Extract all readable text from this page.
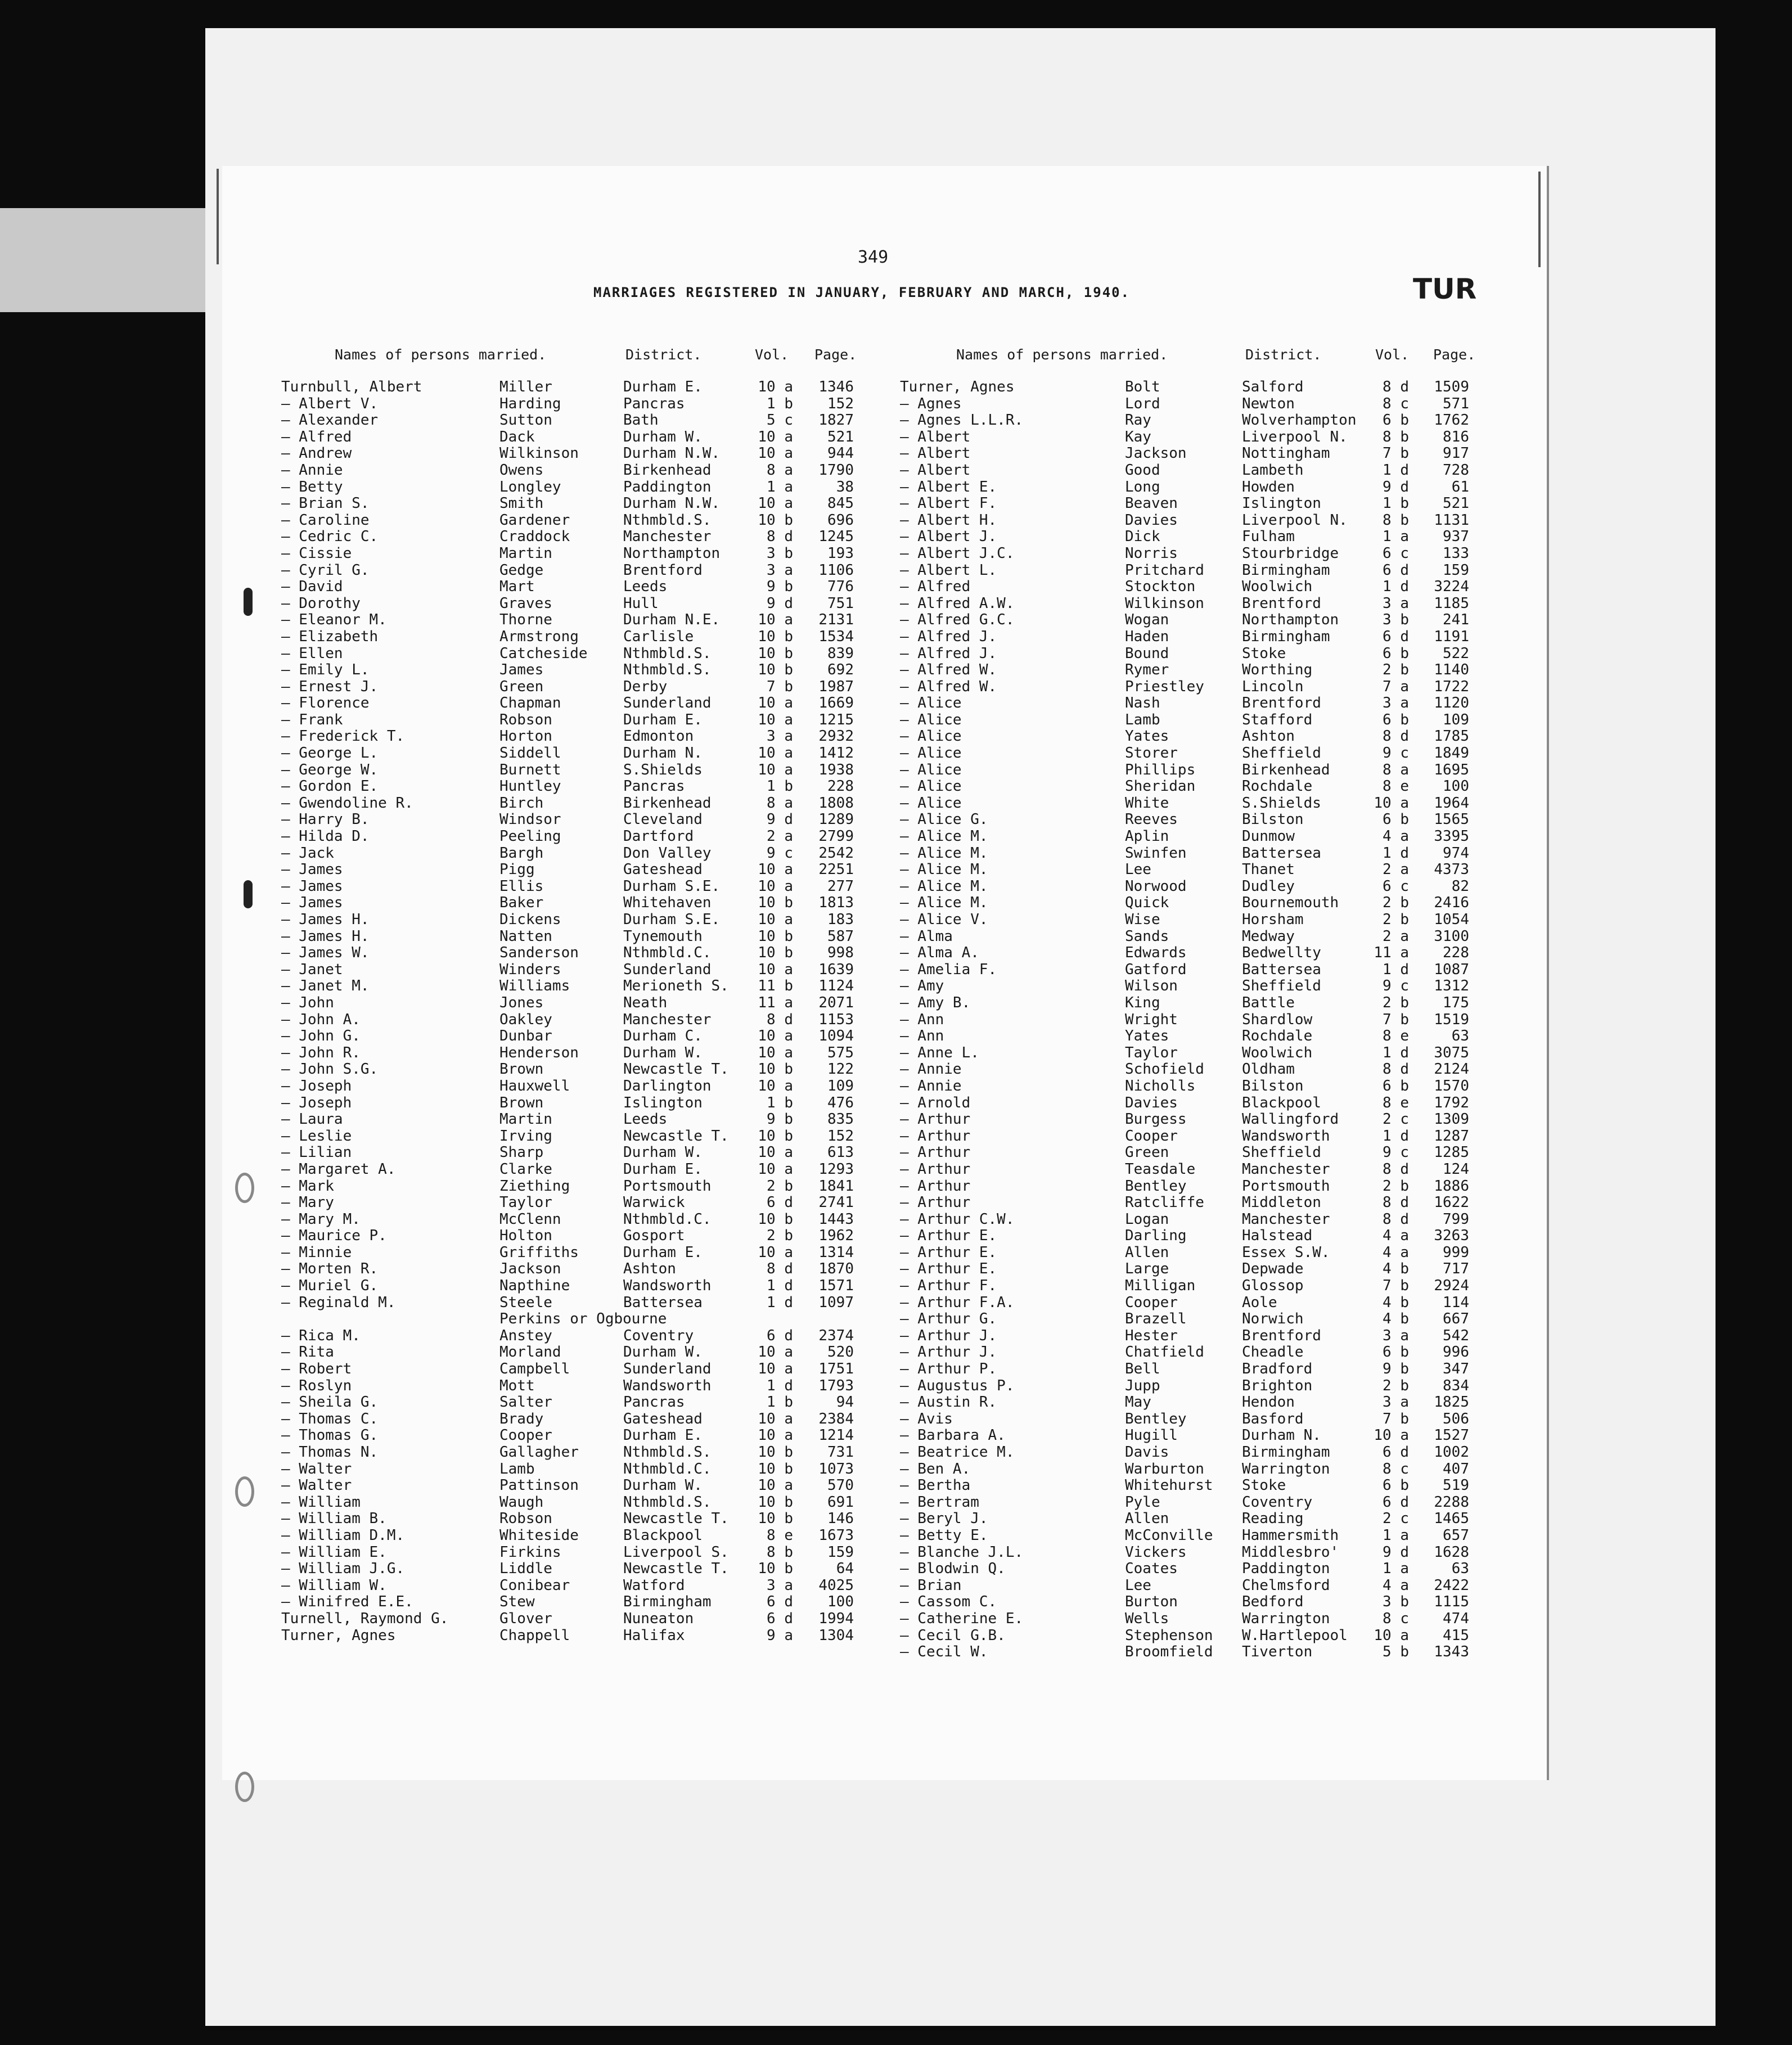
349
MARRIAGES REGISTERED IN JANUARY, FEBRUARY AND MARCH, 1940.	TUR
Names of persons married.	District.	Vol. Page.	Names of persons married.	District.	Vol. Page.
Turnbull, Albert	Miller	Durham E.	10 a	1346
— Albert V.	Harding	Pancras	1 b	152
— Alexander	Sutton	Bath	5 c	1827
— Alfred	Dack	Durham W.	10 a	521
— Andrew	Wilkinson	Durham N.W.	10 a	944
— Annie	Owens	Birkenhead	8 a	1790
— Betty	Longley	Paddington	1 a	38
— Brian S.	Smith	Durham N.W.	10 a	845
— Caroline	Gardener	Nthmbld.S.	10 b	696
— Cedric C.	Craddock	Manchester	8 d	1245
— Cissie	Martin	Northampton	3 b	193
— Cyril G.	Gedge	Brentford	3 a	1106
— David	Mart	Leeds	9 b	776
— Dorothy	Graves	Hull	9 d	751
— Eleanor M.	Thorne	Durham N.E.	10 a	2131
— Elizabeth	Armstrong	Carlisle	10 b	1534
— Ellen	Catcheside Nthmbld.S.	10 b	839
— Emily L.	James	Nthmbld.S.	10 b	692
— Ernest J.	Green	Derby	7 b	1987
— Florence	Chapman	Sunderland	10 a	1669
— Frank	Robson	Durham E.	10 a	1215
— Frederick T.	Horton	Edmonton	3 a	2932
— George L.	Siddell	Durham N.	10 a	1412
— George W.	Burnett	S.Shields	10 a	1938
— Gordon E.	Huntley	Pancras	1 b	228
— Gwendoline R.	Birch	Birkenhead	8 a	1808
— Harry B.	Windsor	Cleveland	9 d	1289
— Hilda D.	Peeling	Dartford	2 a	2799
— Jack	Bargh	Don Valley	9 c	2542
— James	Pigg	Gateshead	10 a	2251
— James	Ellis	Durham S.E.	10 a	277
— James	Baker	Whitehaven	10 b	1813
— James H.	Dickens	Durham S.E.	10 a	183
— James H.	Natten	Tynemouth	10 b	587
— James W.	Sanderson	Nthmbld.C.	10 b	998
— Janet	Winders	Sunderland	10 a	1639
— Janet M.	Williams	Merioneth S.	11 b	1124
— John	Jones	Neath	11 a	2071
— John A.	Oakley	Manchester	8 d	1153
— John G.	Dunbar	Durham C.	10 a	1094
— John R.	Henderson	Durham W.	10 a	575
— John S.G.	Brown	Newcastle T.	10 b	122
— Joseph	Hauxwell	Darlington	10 a	109
— Joseph	Brown	Islington	1 b	476
— Laura	Martin	Leeds	9 b	835
— Leslie	Irving	Newcastle T.	10 b	152
— Lilian	Sharp	Durham W.	10 a	613
— Margaret A.	Clarke	Durham E.	10 a	1293
— Mark	Ziething	Portsmouth	2 b	1841
— Mary	Taylor	Warwick	6 d	2741
— Mary M.	McClenn	Nthmbld.C.	10 b	1443
— Maurice P.	Holton	Gosport	2 b	1962
— Minnie	Griffiths	Durham E.	10 a	1314
— Morten R.	Jackson	Ashton	8 d	1870
— Muriel G.	Napthine	Wandsworth	1 d	1571
— Reginald M.	Steele	Battersea	1 d	1097
Perkins or Ogbourne
— Rica M.	Anstey	Coventry	6 d	2374
— Rita	Morland	Durham W.	10 a	520
— Robert	Campbell	Sunderland	10 a	1751
— Roslyn	Mott	Wandsworth	1 d	1793
— Sheila G.	Salter	Pancras	1 b	94
— Thomas C.	Brady	Gateshead	10 a	2384
— Thomas G.	Cooper	Durham E.	10 a	1214
— Thomas N.	Gallagher	Nthmbld.S.	10 b	731
— Walter	Lamb	Nthmbld.C.	10 b	1073
— Walter	Pattinson	Durham W.	10 a	570
— William	Waugh	Nthmbld.S.	10 b	691
— William B.	Robson	Newcastle T.	10 b	146
— William D.M.	Whiteside	Blackpool	8 e	1673
— William E.	Firkins	Liverpool S.	8 b	159
— William J.G.	Liddle	Newcastle T.	10 b	64
— William W.	Conibear	Watford	3 a	4025
— Winifred E.E.	Stew	Birmingham	6 d	100
Turnell, Raymond G.	Glover	Nuneaton	6 d	1994
Turner, Agnes	Chappell	Halifax	9 a	1304
Turner, Agnes	Bolt	Salford	8 d	1509
— Agnes	Lord	Newton	8 c	571
— Agnes L.L.R.	Ray	Wolverhampton	6 b	1762
— Albert	Kay	Liverpool N.	8 b	816
— Albert	Jackson	Nottingham	7 b	917
— Albert	Good	Lambeth	1 d	728
— Albert E.	Long	Howden	9 d	61
— Albert F.	Beaven	Islington	1 b	521
— Albert H.	Davies	Liverpool N.	8 b	1131
— Albert J.	Dick	Fulham	1 a	937
— Albert J.C.	Norris	Stourbridge	6 c	133
— Albert L.	Pritchard	Birmingham	6 d	159
— Alfred	Stockton	Woolwich	1 d	3224
— Alfred A.W.	Wilkinson	Brentford	3 a	1185
— Alfred G.C.	Wogan	Northampton	3 b	241
— Alfred J.	Haden	Birmingham	6 d	1191
— Alfred J.	Bound	Stoke	6 b	522
— Alfred W.	Rymer	Worthing	2 b	1140
— Alfred W.	Priestley	Lincoln	7 a	1722
— Alice	Nash	Brentford	3 a	1120
— Alice	Lamb	Stafford	6 b	109
— Alice	Yates	Ashton	8 d	1785
— Alice	Storer	Sheffield	9 c	1849
— Alice	Phillips	Birkenhead	8 a	1695
— Alice	Sheridan	Rochdale	8 e	100
— Alice	White	S.Shields	10 a	1964
— Alice G.	Reeves	Bilston	6 b	1565
— Alice M.	Aplin	Dunmow	4 a	3395
— Alice M.	Swinfen	Battersea	1 d	974
— Alice M.	Lee	Thanet	2 a	4373
— Alice M.	Norwood	Dudley	6 c	82
— Alice M.	Quick	Bournemouth	2 b	2416
— Alice V.	Wise	Horsham	2 b	1054
— Alma	Sands	Medway	2 a	3100
— Alma A.	Edwards	Bedwellty	11 a	228
— Amelia F.	Gatford	Battersea	1 d	1087
— Amy	Wilson	Sheffield	9 c	1312
— Amy B.	King	Battle	2 b	175
— Ann	Wright	Shardlow	7 b	1519
— Ann	Yates	Rochdale	8 e	63
— Anne L.	Taylor	Woolwich	1 d	3075
— Annie	Schofield	Oldham	8 d	2124
— Annie	Nicholls	Bilston	6 b	1570
— Arnold	Davies	Blackpool	8 e	1792
— Arthur	Burgess	Wallingford	2 c	1309
— Arthur	Cooper	Wandsworth	1 d	1287
— Arthur	Green	Sheffield	9 c	1285
— Arthur	Teasdale	Manchester	8 d	124
— Arthur	Bentley	Portsmouth	2 b	1886
— Arthur	Ratcliffe	Middleton	8 d	1622
— Arthur C.W.	Logan	Manchester	8 d	799
— Arthur E.	Darling	Halstead	4 a	3263
— Arthur E.	Allen	Essex S.W.	4 a	999
— Arthur E.	Large	Depwade	4 b	717
— Arthur F.	Milligan	Glossop	7 b	2924
— Arthur F.A.	Cooper	Aole	4 b	114
— Arthur G.	Brazell	Norwich	4 b	667
— Arthur J.	Hester	Brentford	3 a	542
— Arthur J.	Chatfield	Cheadle	6 b	996
— Arthur P.	Bell	Bradford	9 b	347
— Augustus P.	Jupp	Brighton	2 b	834
— Austin R.	May	Hendon	3 a	1825
— Avis	Bentley	Basford	7 b	506
— Barbara A.	Hugill	Durham N.	10 a	1527
— Beatrice M.	Davis	Birmingham	6 d	1002
— Ben A.	Warburton	Warrington	8 c	407
— Bertha	Whitehurst Stoke	6 b	519
— Bertram	Pyle	Coventry	6 d	2288
— Beryl J.	Allen	Reading	2 c	1465
— Betty E.	McConville Hammersmith	1 a	657
— Blanche J.L.	Vickers	Middlesbro'	9 d	1628
— Blodwin Q.	Coates	Paddington	1 a	63
— Brian	Lee	Chelmsford	4 a	2422
— Cassom C.	Burton	Bedford	3 b	1115
— Catherine E.	Wells	Warrington	8 c	474
— Cecil G.B.	Stephenson W.Hartlepool	10 a	415
— Cecil W.	Broomfield Tiverton	5 b	1343
